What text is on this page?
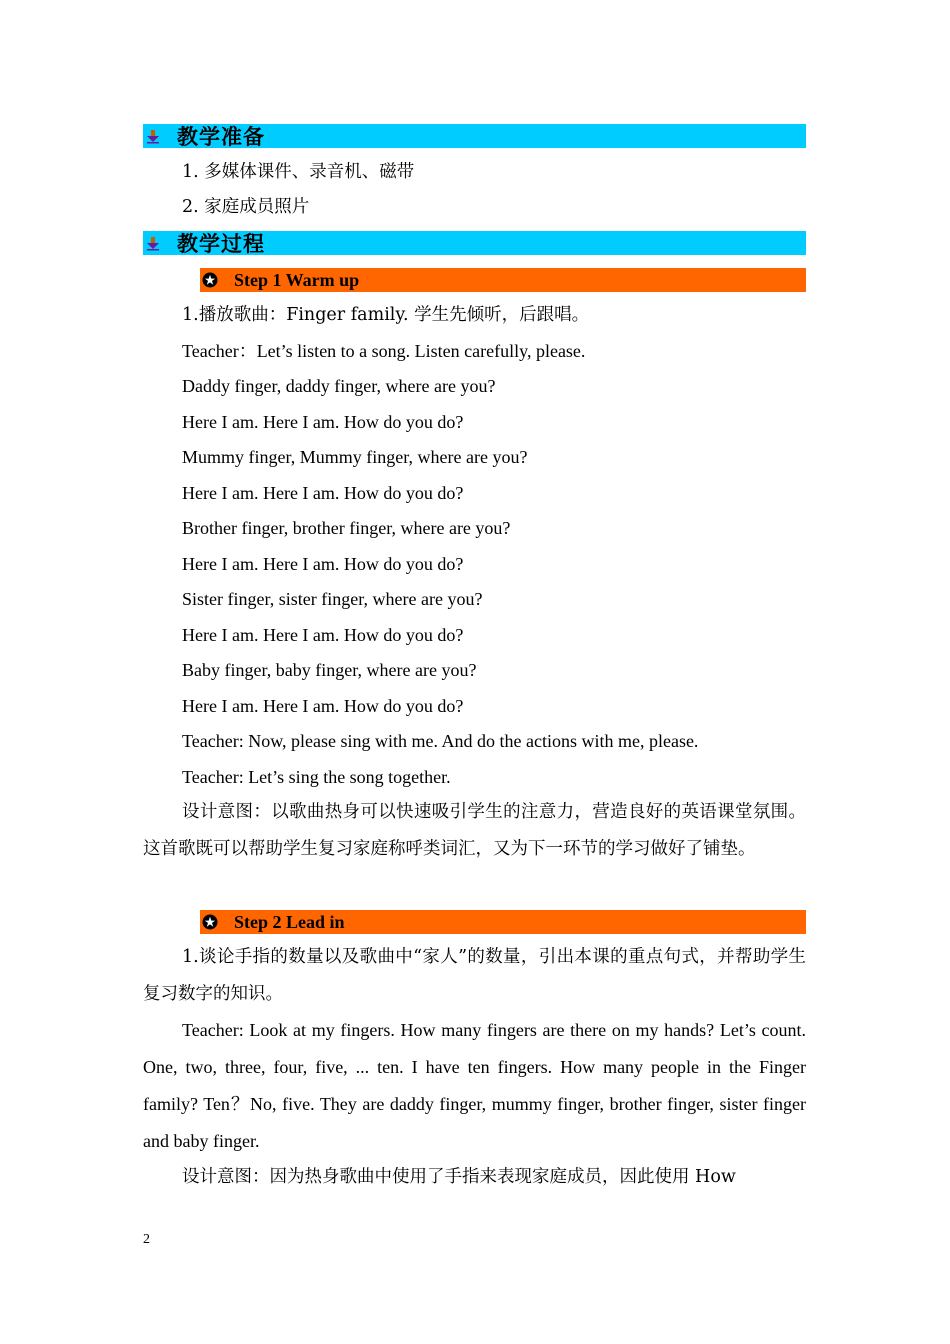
教学准备
1. 多媒体课件、录音机、磁带
2. 家庭成员照片
教学过程
Step 1 Warm up
1.播放歌曲：Finger family. 学生先倾听，后跟唱。
Teacher：Let’s listen to a song. Listen carefully, please.
Daddy finger, daddy finger, where are you?
Here I am. Here I am. How do you do?
Mummy finger, Mummy finger, where are you?
Here I am. Here I am. How do you do?
Brother finger, brother finger, where are you?
Here I am. Here I am. How do you do?
Sister finger, sister finger, where are you?
Here I am. Here I am. How do you do?
Baby finger, baby finger, where are you?
Here I am. Here I am. How do you do?
Teacher: Now, please sing with me. And do the actions with me, please.
Teacher: Let’s sing the song together.
设计意图：以歌曲热身可以快速吸引学生的注意力，营造良好的英语课堂氛围。这首歌既可以帮助学生复习家庭称呼类词汇，又为下一环节的学习做好了铺垫。
Step 2 Lead in
1.谈论手指的数量以及歌曲中“家人”的数量，引出本课的重点句式，并帮助学生复习数字的知识。
Teacher: Look at my fingers. How many fingers are there on my hands? Let’s count. One, two, three, four, five, ... ten. I have ten fingers. How many people in the Finger family? Ten？No, five. They are daddy finger, mummy finger, brother finger, sister finger and baby finger.
设计意图：因为热身歌曲中使用了手指来表现家庭成员，因此使用 How
2
